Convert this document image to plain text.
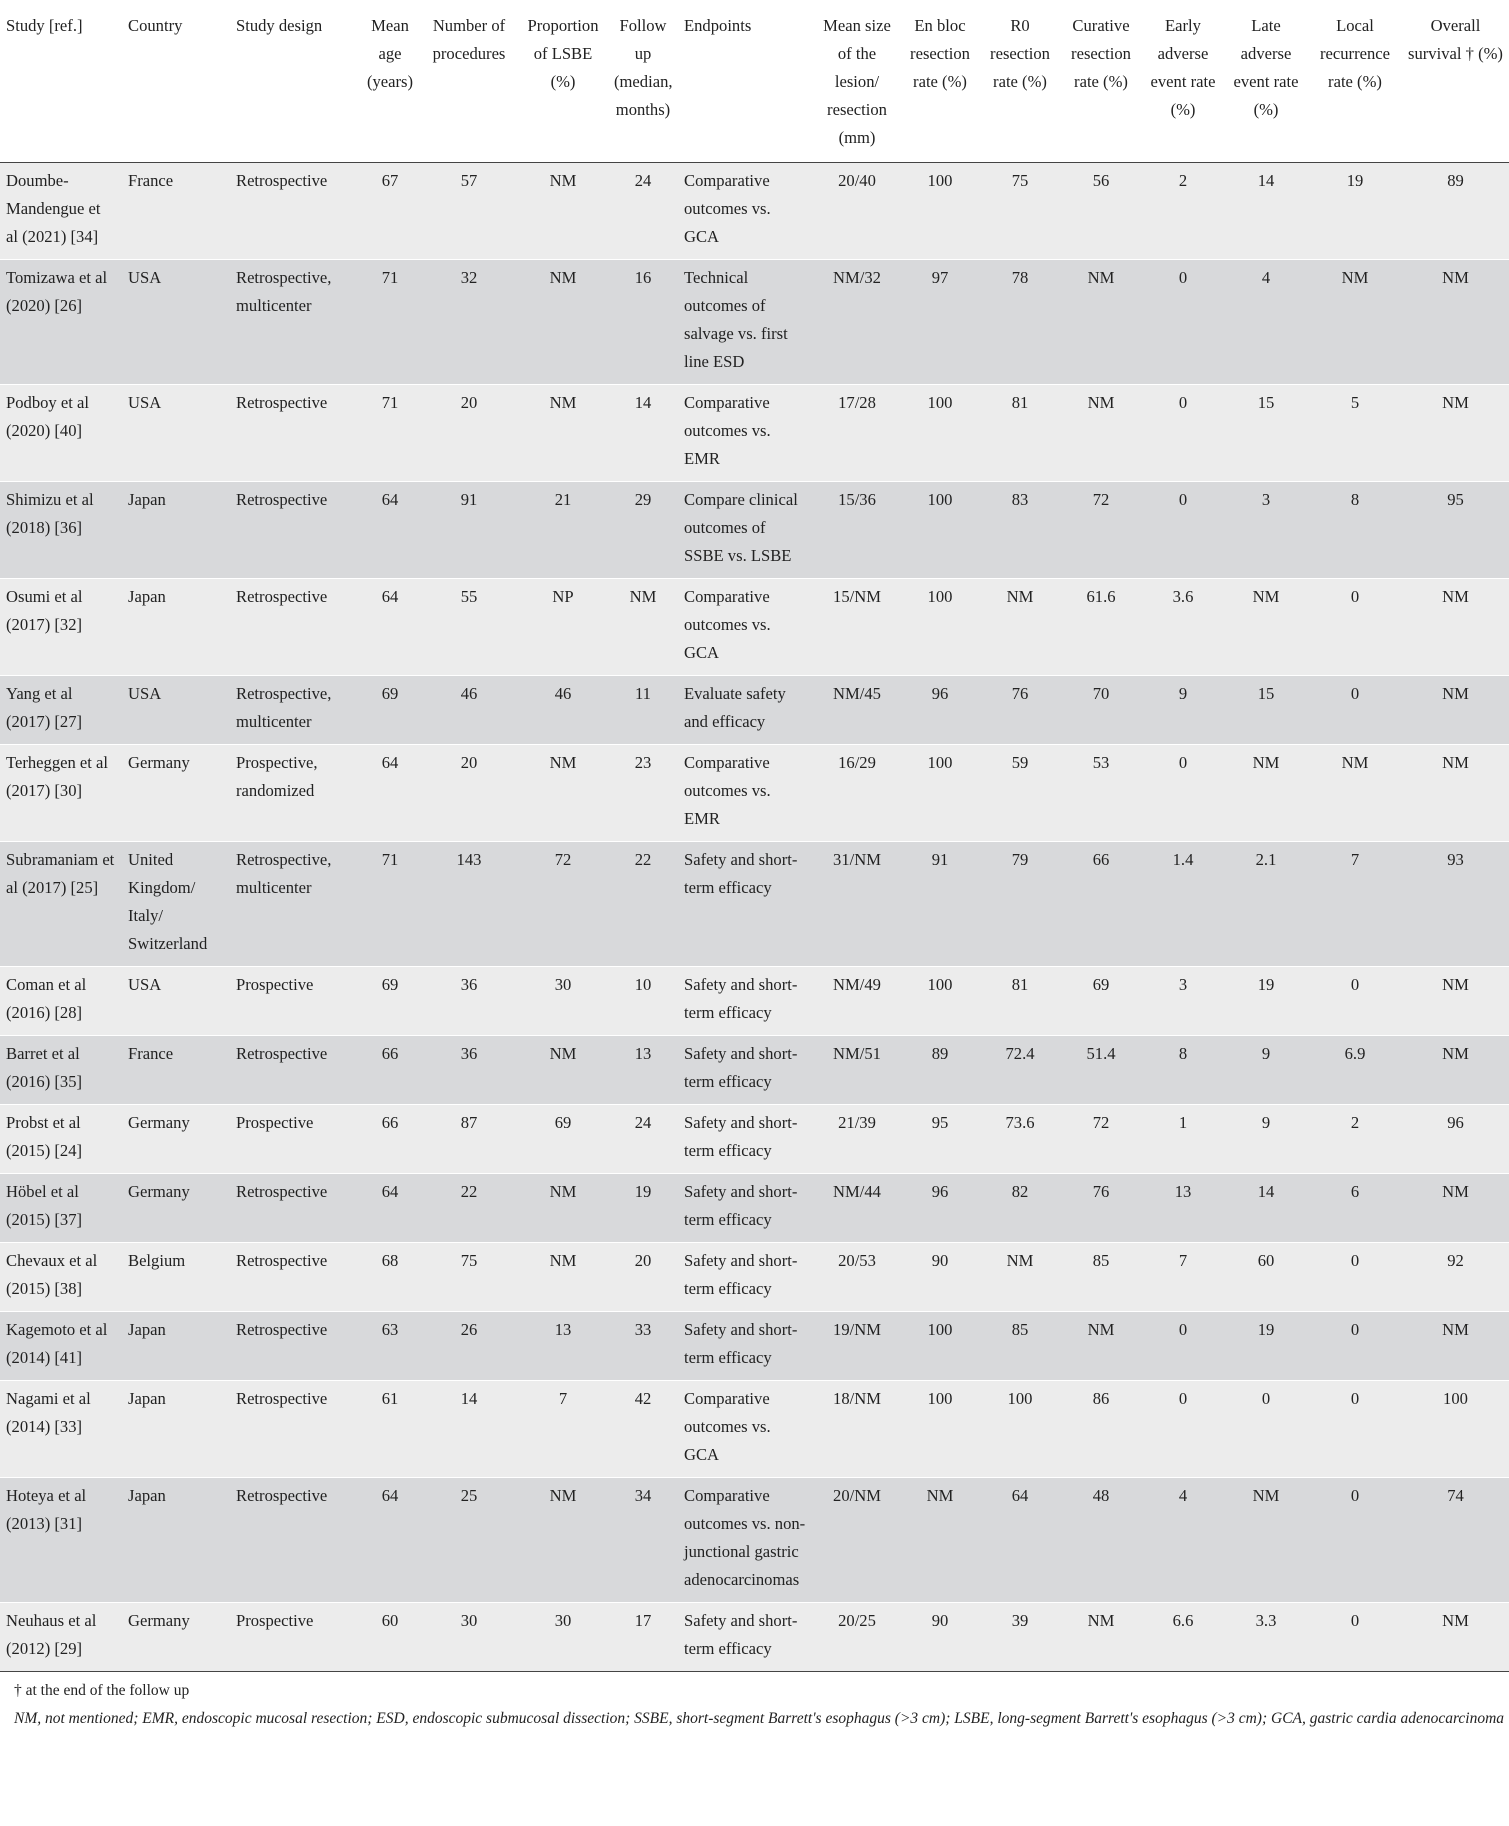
Study [ref.]	Country	Study design	Mean age (years)	Number of procedures	Proportion of LSBE (%)	Follow up (median, months)	Endpoints	Mean size of the lesion/ resection (mm)	En bloc resection rate (%)	R0 resection rate (%)	Curative resection rate (%)	Early adverse event rate (%)	Late adverse event rate (%)	Local recurrence rate (%)	Overall survival † (%)
Doumbe-Mandengue et al (2021) [34]	France	Retrospective	67	57	NM	24	Comparative outcomes vs. GCA	20/40	100	75	56	2	14	19	89
Tomizawa et al (2020) [26]	USA	Retrospective, multicenter	71	32	NM	16	Technical outcomes of salvage vs. first line ESD	NM/32	97	78	NM	0	4	NM	NM
Podboy et al (2020) [40]	USA	Retrospective	71	20	NM	14	Comparative outcomes vs. EMR	17/28	100	81	NM	0	15	5	NM
Shimizu et al (2018) [36]	Japan	Retrospective	64	91	21	29	Compare clinical outcomes of SSBE vs. LSBE	15/36	100	83	72	0	3	8	95
Osumi et al (2017) [32]	Japan	Retrospective	64	55	NP	NM	Comparative outcomes vs. GCA	15/NM	100	NM	61.6	3.6	NM	0	NM
Yang et al (2017) [27]	USA	Retrospective, multicenter	69	46	46	11	Evaluate safety and efficacy	NM/45	96	76	70	9	15	0	NM
Terheggen et al (2017) [30]	Germany	Prospective, randomized	64	20	NM	23	Comparative outcomes vs. EMR	16/29	100	59	53	0	NM	NM	NM
Subramaniam et al (2017) [25]	United Kingdom/ Italy/ Switzerland	Retrospective, multicenter	71	143	72	22	Safety and short-term efficacy	31/NM	91	79	66	1.4	2.1	7	93
Coman et al (2016) [28]	USA	Prospective	69	36	30	10	Safety and short-term efficacy	NM/49	100	81	69	3	19	0	NM
Barret et al (2016) [35]	France	Retrospective	66	36	NM	13	Safety and short-term efficacy	NM/51	89	72.4	51.4	8	9	6.9	NM
Probst et al (2015) [24]	Germany	Prospective	66	87	69	24	Safety and short-term efficacy	21/39	95	73.6	72	1	9	2	96
Höbel et al (2015) [37]	Germany	Retrospective	64	22	NM	19	Safety and short-term efficacy	NM/44	96	82	76	13	14	6	NM
Chevaux et al (2015) [38]	Belgium	Retrospective	68	75	NM	20	Safety and short-term efficacy	20/53	90	NM	85	7	60	0	92
Kagemoto et al (2014) [41]	Japan	Retrospective	63	26	13	33	Safety and short-term efficacy	19/NM	100	85	NM	0	19	0	NM
Nagami et al (2014) [33]	Japan	Retrospective	61	14	7	42	Comparative outcomes vs. GCA	18/NM	100	100	86	0	0	0	100
Hoteya et al (2013) [31]	Japan	Retrospective	64	25	NM	34	Comparative outcomes vs. non-junctional gastric adenocarcinomas	20/NM	NM	64	48	4	NM	0	74
Neuhaus et al (2012) [29]	Germany	Prospective	60	30	30	17	Safety and short-term efficacy	20/25	90	39	NM	6.6	3.3	0	NM
† at the end of the follow up
NM, not mentioned; EMR, endoscopic mucosal resection; ESD, endoscopic submucosal dissection; SSBE, short-segment Barrett's esophagus (>3 cm); LSBE, long-segment Barrett's esophagus (>3 cm); GCA, gastric cardia adenocarcinoma
